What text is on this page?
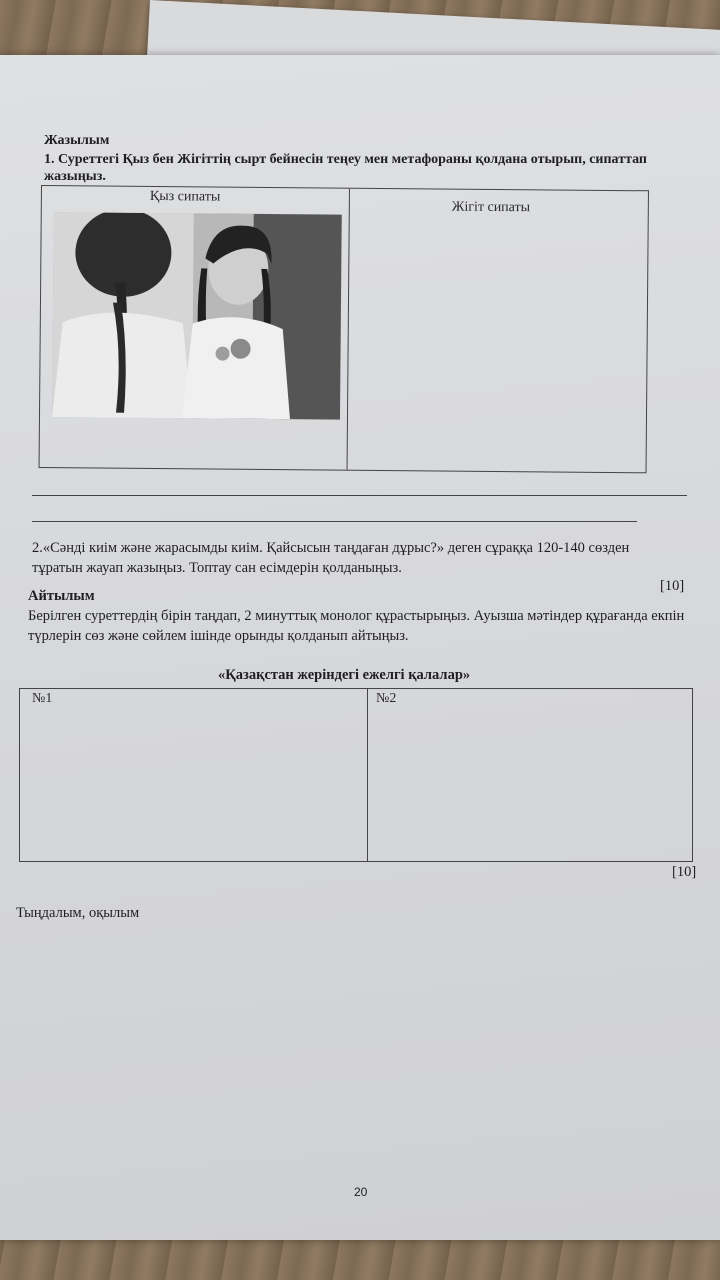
Жазылым
1. Суреттегі Қыз бен Жігіттің сырт бейнесін теңеу мен метафораны қолдана отырып, сипаттап жазыңыз.
Қыз сипаты
Жігіт сипаты
2.«Сәнді киім және жарасымды киім. Қайсысын таңдаған дұрыс?» деген сұраққа 120-140 сөзден тұратын жауап жазыңыз. Топтау сан есімдерін қолданыңыз.
[10]
Айтылым
Берілген суреттердің бірін таңдап, 2 минуттық монолог құрастырыңыз. Ауызша мәтіндер құрағанда екпін түрлерін сөз және сөйлем ішінде орынды қолданып айтыңыз.
«Қазақстан жеріндегі ежелгі қалалар»
№1	№2
[10]
Тыңдалым, оқылым
20
